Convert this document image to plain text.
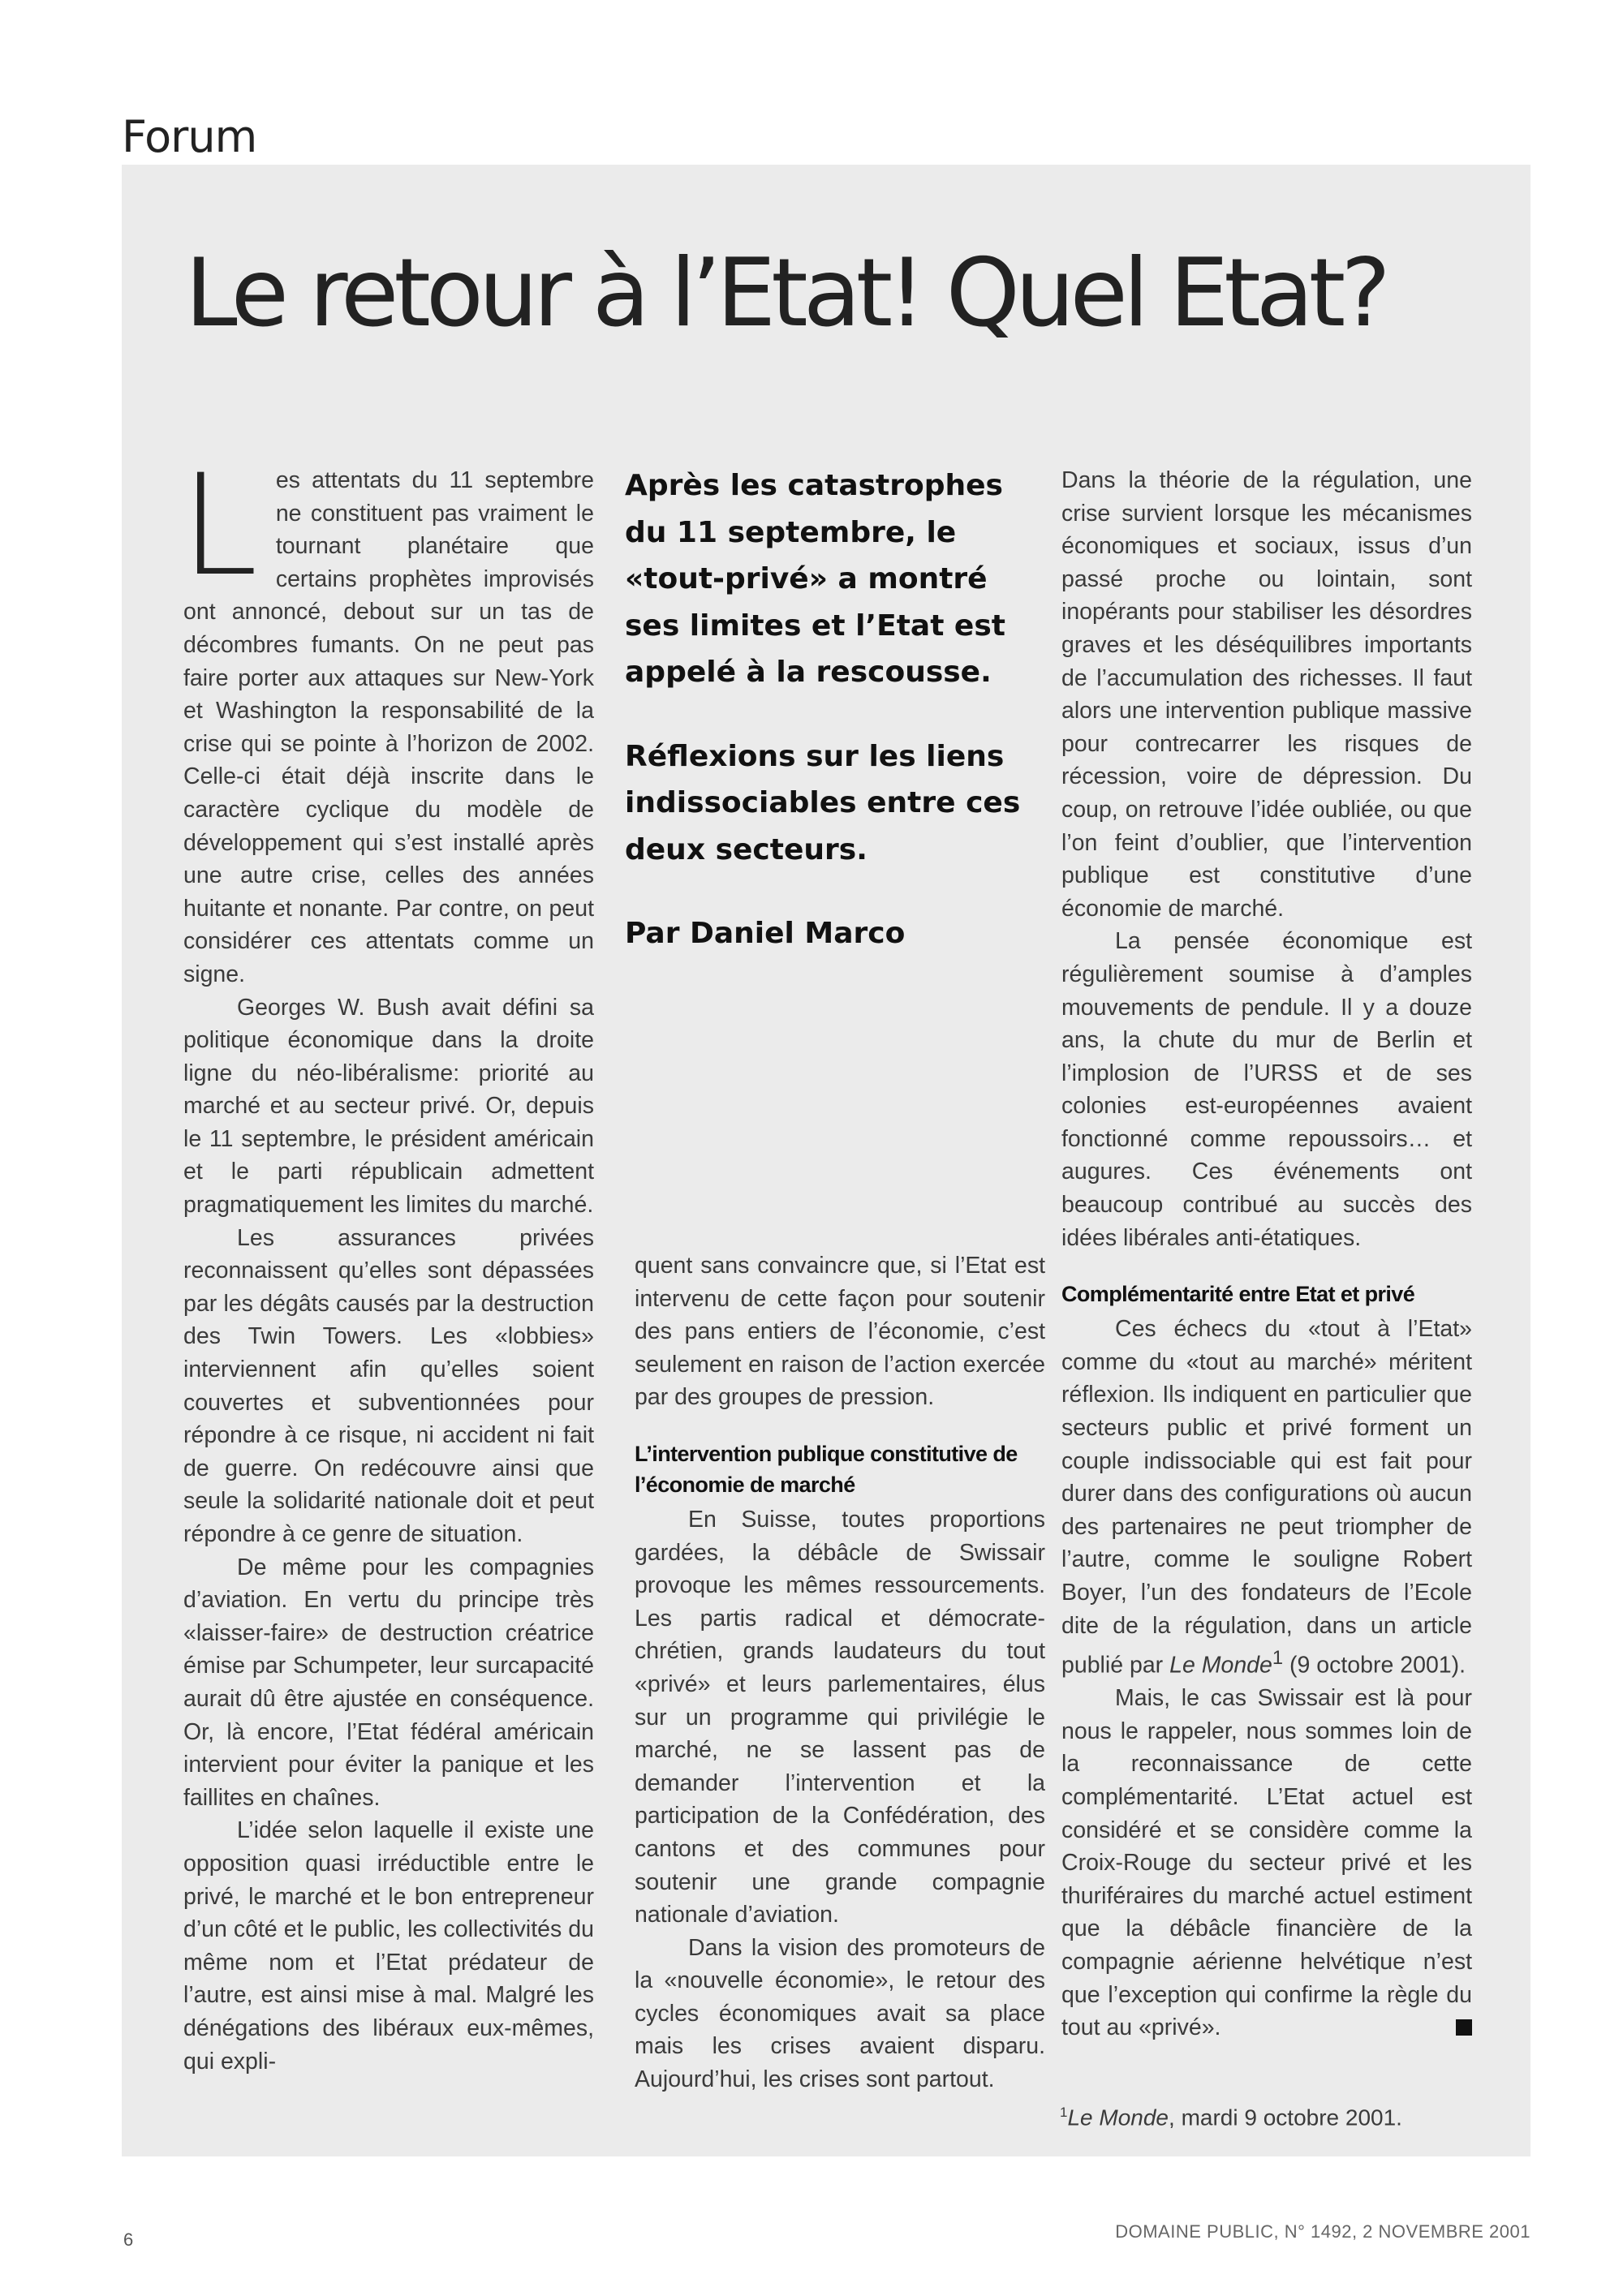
Forum
Le retour à l’Etat! Quel Etat?

Les attentats du 11 septembre ne constituent pas vraiment le tournant planétaire que certains prophètes improvisés ont annoncé, debout sur un tas de décombres fumants. On ne peut pas faire porter aux attaques sur New-York et Washington la responsabilité de la crise qui se pointe à l’horizon de 2002. Celle-ci était déjà inscrite dans le caractère cyclique du modèle de développement qui s’est installé après une autre crise, celles des années huitante et nonante. Par contre, on peut considérer ces attentats comme un signe.

Georges W. Bush avait défini sa politique économique dans la droite ligne du néo-libéralisme: priorité au marché et au secteur privé. Or, depuis le 11 septembre, le président américain et le parti républicain admettent pragmatiquement les limites du marché.

Les assurances privées reconnaissent qu’elles sont dépassées par les dégâts causés par la destruction des Twin Towers. Les «lobbies» interviennent afin qu’elles soient couvertes et subventionnées pour répondre à ce risque, ni accident ni fait de guerre. On redécouvre ainsi que seule la solidarité nationale doit et peut répondre à ce genre de situation.

De même pour les compagnies d’aviation. En vertu du principe très «laisser-faire» de destruction créatrice émise par Schumpeter, leur surcapacité aurait dû être ajustée en conséquence. Or, là encore, l’Etat fédéral américain intervient pour éviter la panique et les faillites en chaînes.

L’idée selon laquelle il existe une opposition quasi irréductible entre le privé, le marché et le bon entrepreneur d’un côté et le public, les collectivités du même nom et l’Etat prédateur de l’autre, est ainsi mise à mal. Malgré les dénégations des libéraux eux-mêmes, qui expli-

Après les catastrophes du 11 septembre, le «tout-privé» a montré ses limites et l’Etat est appelé à la rescousse.

Réflexions sur les liens indissociables entre ces deux secteurs.

Par Daniel Marco

quent sans convaincre que, si l’Etat est intervenu de cette façon pour soutenir des pans entiers de l’économie, c’est seulement en raison de l’action exercée par des groupes de pression.

L’intervention publique constitutive de l’économie de marché

En Suisse, toutes proportions gardées, la débâcle de Swissair provoque les mêmes ressourcements. Les partis radical et démocrate-chrétien, grands laudateurs du tout «privé» et leurs parlementaires, élus sur un programme qui privilégie le marché, ne se lassent pas de demander l’intervention et la participation de la Confédération, des cantons et des communes pour soutenir une grande compagnie nationale d’aviation.

Dans la vision des promoteurs de la «nouvelle économie», le retour des cycles économiques avait sa place mais les crises avaient disparu. Aujourd’hui, les crises sont partout.

Dans la théorie de la régulation, une crise survient lorsque les mécanismes économiques et sociaux, issus d’un passé proche ou lointain, sont inopérants pour stabiliser les désordres graves et les déséquilibres importants de l’accumulation des richesses. Il faut alors une intervention publique massive pour contrecarrer les risques de récession, voire de dépression. Du coup, on retrouve l’idée oubliée, ou que l’on feint d’oublier, que l’intervention publique est constitutive d’une économie de marché.

La pensée économique est régulièrement soumise à d’amples mouvements de pendule. Il y a douze ans, la chute du mur de Berlin et l’implosion de l’URSS et de ses colonies est-européennes avaient fonctionné comme repoussoirs… et augures. Ces événements ont beaucoup contribué au succès des idées libérales anti-étatiques.

Complémentarité entre Etat et privé

Ces échecs du «tout à l’Etat» comme du «tout au marché» méritent réflexion. Ils indiquent en particulier que secteurs public et privé forment un couple indissociable qui est fait pour durer dans des configurations où aucun des partenaires ne peut triompher de l’autre, comme le souligne Robert Boyer, l’un des fondateurs de l’Ecole dite de la régulation, dans un article publié par Le Monde$^1$ (9 octobre 2001).

Mais, le cas Swissair est là pour nous le rappeler, nous sommes loin de la reconnaissance de cette complémentarité. L’Etat actuel est considéré et se considère comme la Croix-Rouge du secteur privé et les thuriféraires du marché actuel estiment que la débâcle financière de la compagnie aérienne helvétique n’est que l’exception qui confirme la règle du tout au «privé».

$^1$Le Monde, mardi 9 octobre 2001.
6	DOMAINE PUBLIC, N° 1492, 2 NOVEMBRE 2001
